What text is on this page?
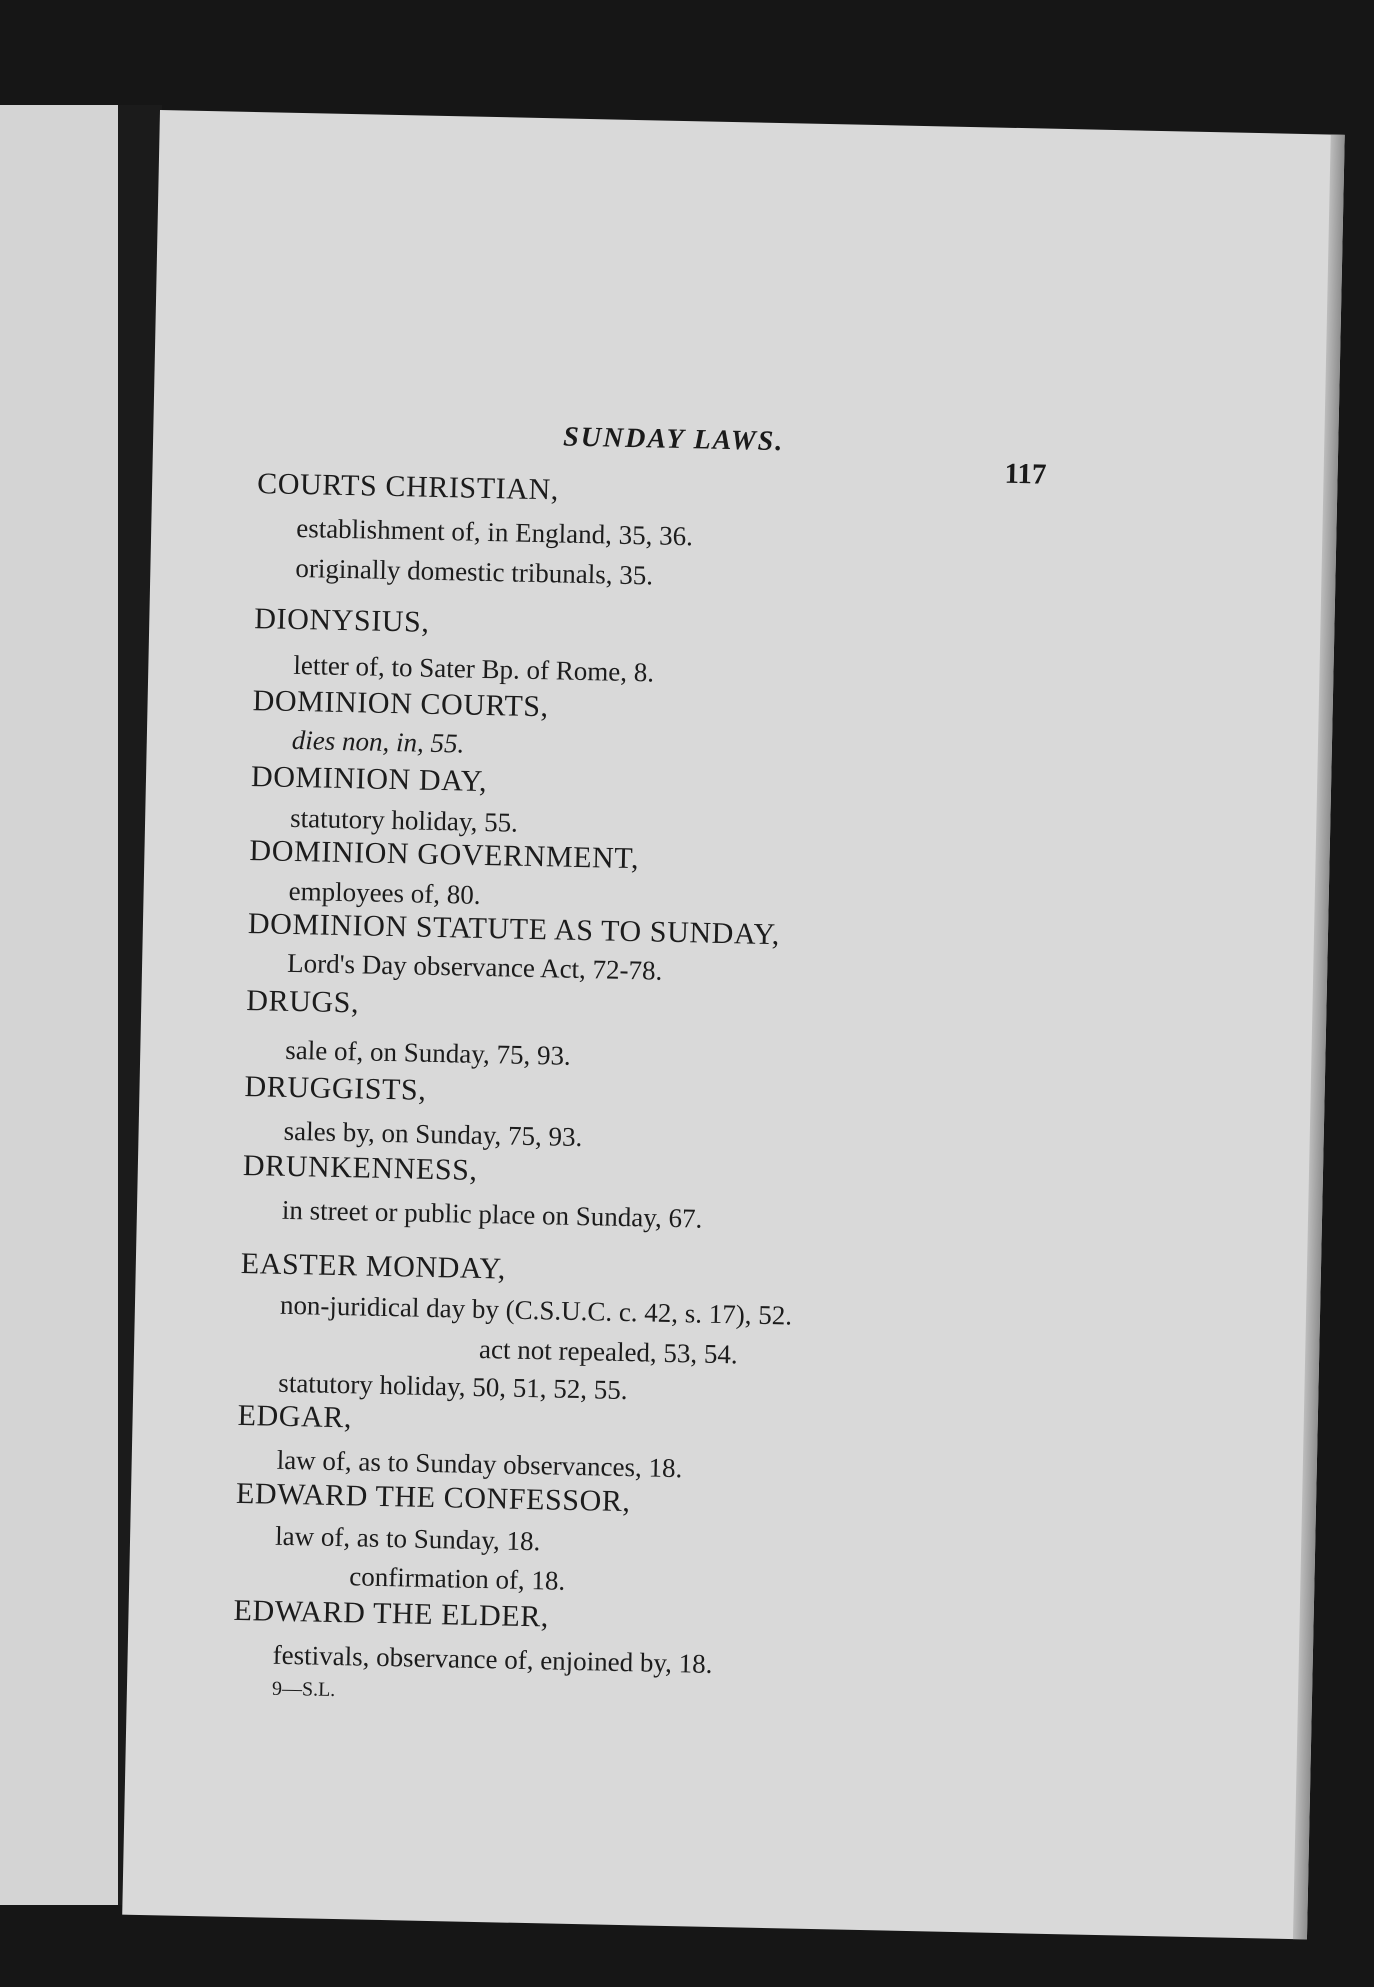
SUNDAY LAWS.
117
COURTS CHRISTIAN,
establishment of, in England, 35, 36.
originally domestic tribunals, 35.
DIONYSIUS,
letter of, to Sater Bp. of Rome, 8.
DOMINION COURTS,
dies non, in, 55.
DOMINION DAY,
statutory holiday, 55.
DOMINION GOVERNMENT,
employees of, 80.
DOMINION STATUTE AS TO SUNDAY,
Lord's Day observance Act, 72-78.
DRUGS,
sale of, on Sunday, 75, 93.
DRUGGISTS,
sales by, on Sunday, 75, 93.
DRUNKENNESS,
in street or public place on Sunday, 67.
EASTER MONDAY,
non-juridical day by (C.S.U.C. c. 42, s. 17), 52.
act not repealed, 53, 54.
statutory holiday, 50, 51, 52, 55.
EDGAR,
law of, as to Sunday observances, 18.
EDWARD THE CONFESSOR,
law of, as to Sunday, 18.
confirmation of, 18.
EDWARD THE ELDER,
festivals, observance of, enjoined by, 18.
9—S.L.
